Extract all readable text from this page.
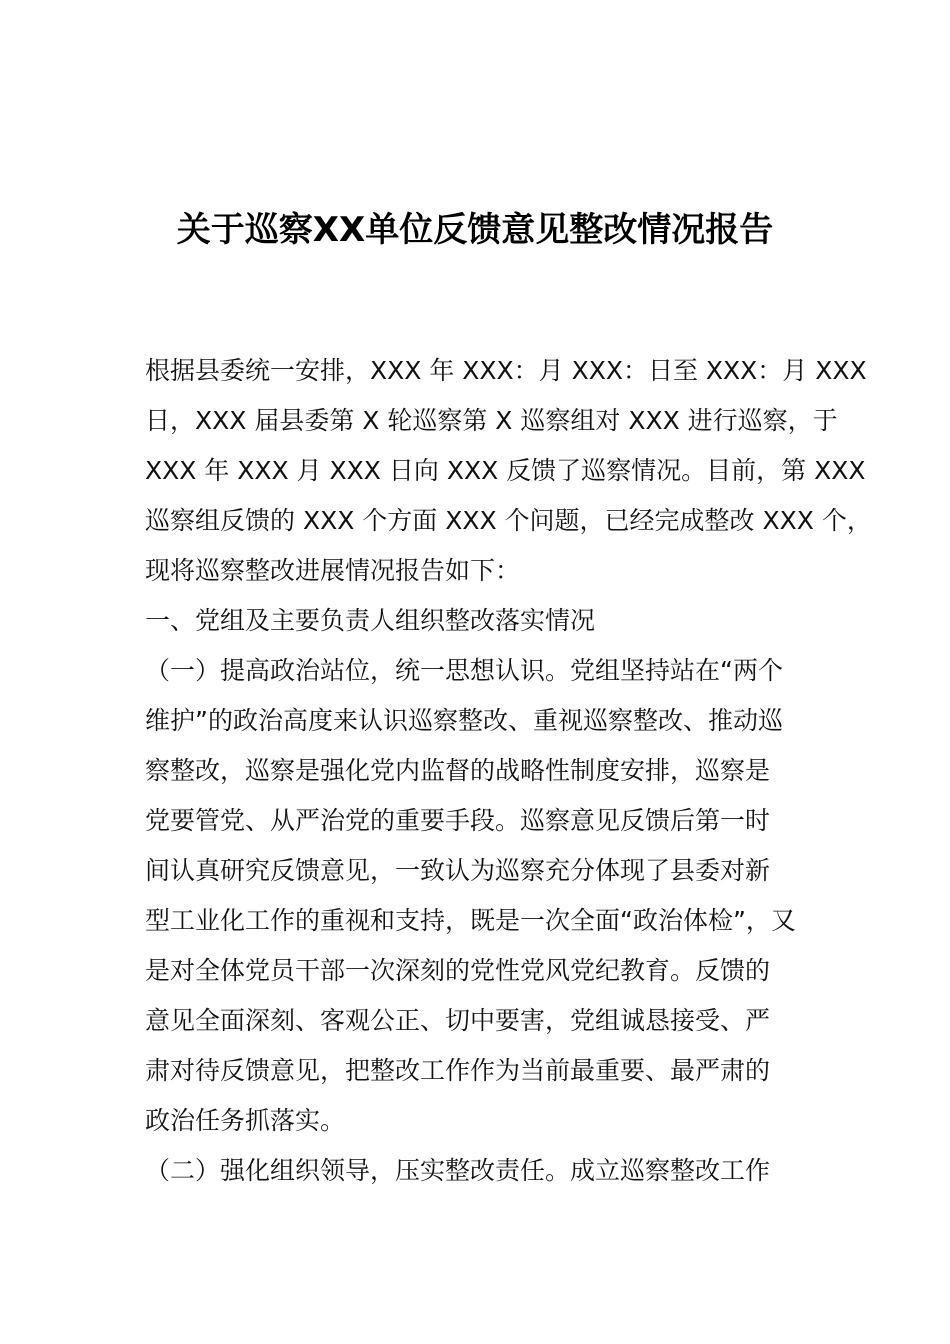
关于巡察XX单位反馈意见整改情况报告
根据县委统一安排，XXX 年 XXX：月 XXX：日至 XXX：月 XXX
日，XXX 届县委第 X 轮巡察第 X 巡察组对 XXX 进行巡察，于
XXX 年 XXX 月 XXX 日向 XXX 反馈了巡察情况。目前，第 XXX
巡察组反馈的 XXX 个方面 XXX 个问题，已经完成整改 XXX 个，
现将巡察整改进展情况报告如下：
一、党组及主要负责人组织整改落实情况
（一）提高政治站位，统一思想认识。党组坚持站在“两个
维护”的政治高度来认识巡察整改、重视巡察整改、推动巡
察整改，巡察是强化党内监督的战略性制度安排，巡察是
党要管党、从严治党的重要手段。巡察意见反馈后第一时
间认真研究反馈意见，一致认为巡察充分体现了县委对新
型工业化工作的重视和支持，既是一次全面“政治体检”，又
是对全体党员干部一次深刻的党性党风党纪教育。反馈的
意见全面深刻、客观公正、切中要害，党组诚恳接受、严
肃对待反馈意见，把整改工作作为当前最重要、最严肃的
政治任务抓落实。
（二）强化组织领导，压实整改责任。成立巡察整改工作
